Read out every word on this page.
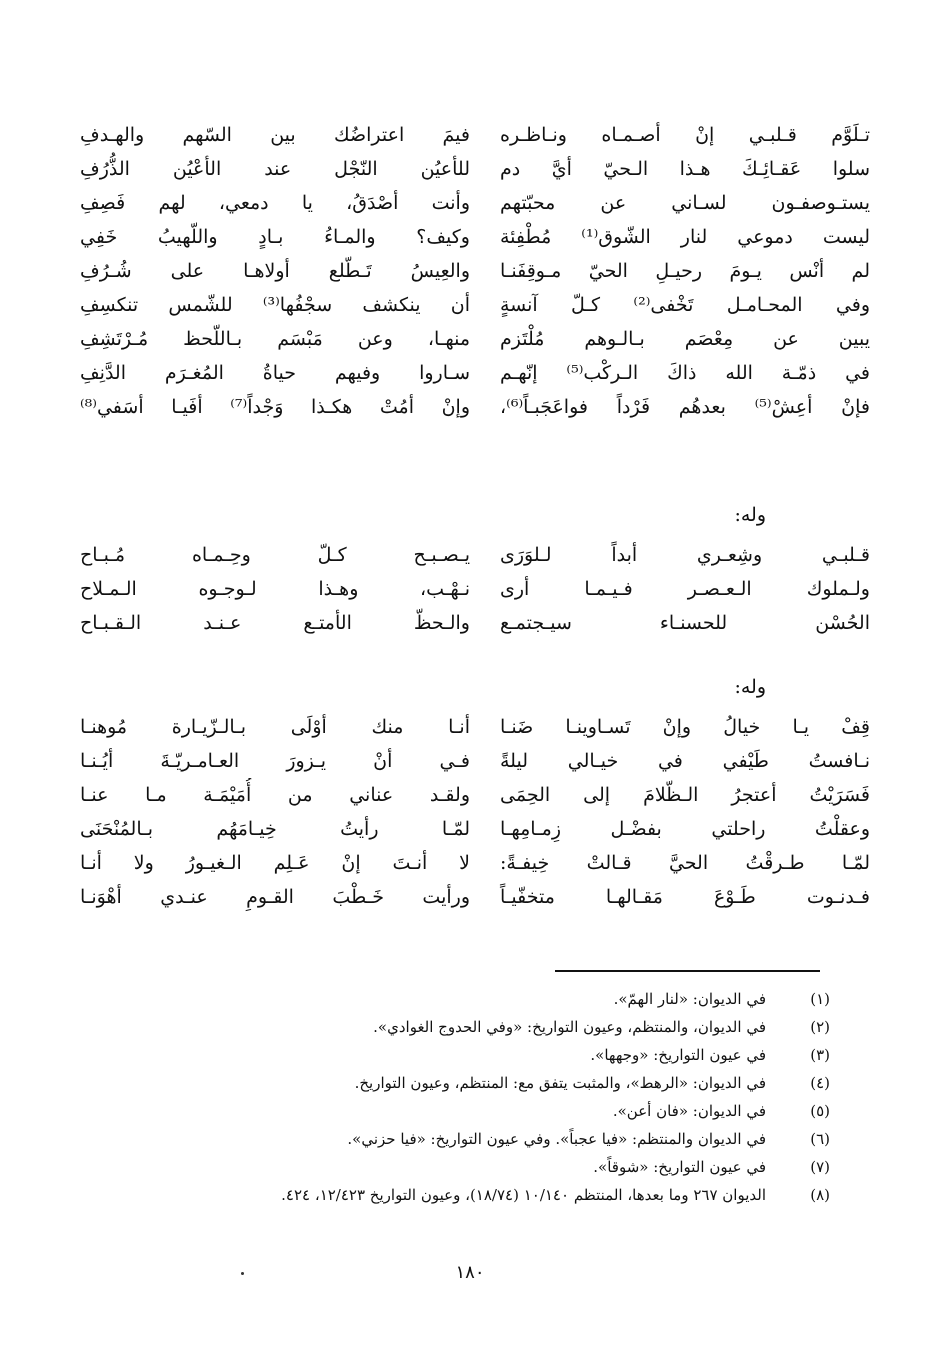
تـلَوَّم قـلبـي إنْ أصـمـاه ونـاظـره
سلوا عَقـائِـكَ هـذا الـحيّ أيَّ دم
يستـوصفـون لسـاني عن محبّتهم
ليست دموعي لنار الشّوق⁽¹⁾ مُطْفِئة
لم أنْس يـومَ رحيـلِ الحيّ مـوقِفَنـا
وفي المحـامـل تَخْفى⁽²⁾ كـلّ آنسةٍ
يبين عن مِعْصَم بـالـوهم مُلْتَزم
في ذمّـة الله ذاكَ الـركْب⁽⁵⁾ إنّهـم
فإنْ أعِشْ⁽⁵⁾ بعدهُم فَرْداً فواعَجَبـاً⁽⁶⁾،
فيمَ اعتراضُك بين السّهم والهـدفِ
للأعيُن النّجْل عند الأعْيُن الذُّرُفِ
وأنت أصْدَقُ، يا دمعي، لهم فَصِفِ
وكيف؟ والمـاءُ بـادٍ واللّهيبُ خَفِي
والعِيسُ تَـطّلع أولاهـا على شُـرُفِ
أن ينكشف سجْفُها⁽³⁾ للشّمس تنكسِفِ
منهـا، وعن مَبْسَم بـاللّحظ مُـرْتَشِفِ
سـاروا وفيهم حياةُ المُغـرَم الدَّنِفِ
وإنْ أمُتْ هكـذا وَجْداً⁽⁷⁾ أفَيـا أسَفي⁽⁸⁾
وله:
قـلبـي وشِعـري أبداً لـلوَرَى
ولـملوك الـعـصـر فـيـمـا أرى
الحُسْن للحسنـاء سيـجتمـع
يـصـبـح كـلّ وحِـمـاه مُـبـاح
نـهْـب، وهـذا لـوجـوه الـمـلاح
والـحظّ الأمتـع عـنـد الـقـبـاح
وله:
قِفْ يـا خيالُ وإنْ تَسـاوينـا ضَنـا
نـافستُ طَيْفي في خيـالي ليلةً
فَسَرَيْتُ أعتجرُ الـظّلامَ إلى الحِمَى
وعقلْتُ راحلتي بفضْـل زِمـامِهـا
لمّـا طـرقْتُ الحيَّ قـالتْ خِيفـةً:
فـدنـوت طَـوْعَ مَقـالهـا متخفّيـاً
أنـا منك أوْلَى بـالـزّيـارة مُوهنـا
فـي أنْ يـزورَ العـامـريّـةَ أيُـنـا
ولقـد عناني من أُمَيْمَـة مـا عنـا
لمّـا رأيتُ خِيـامَهُم بـالمُنْحَنَى
لا أنـتَ إنْ عَـلِم الـغيـورُ ولا أنـا
ورأيت خَـطْبَ القـومِ عنـدي أهْوَنـا
(١)
في الديوان: «لنار الهمّ».
(٢)
في الديوان، والمنتظم، وعيون التواريخ: «وفي الحدوج الغوادي».
(٣)
في عيون التواريخ: «وجهها».
(٤)
في الديوان: «الرهط»، والمثبت يتفق مع: المنتظم، وعيون التواريخ.
(٥)
في الديوان: «فان أعن».
(٦)
في الديوان والمنتظم: «فيا عجباً». وفي عيون التواريخ: «فيا حزني».
(٧)
في عيون التواريخ: «شوقاً».
(٨)
الديوان ٢٦٧ وما بعدها، المنتظم ١٠/١٤٠ (١٨/٧٤)، وعيون التواريخ ١٢/٤٢٣، ٤٢٤.
١٨٠
